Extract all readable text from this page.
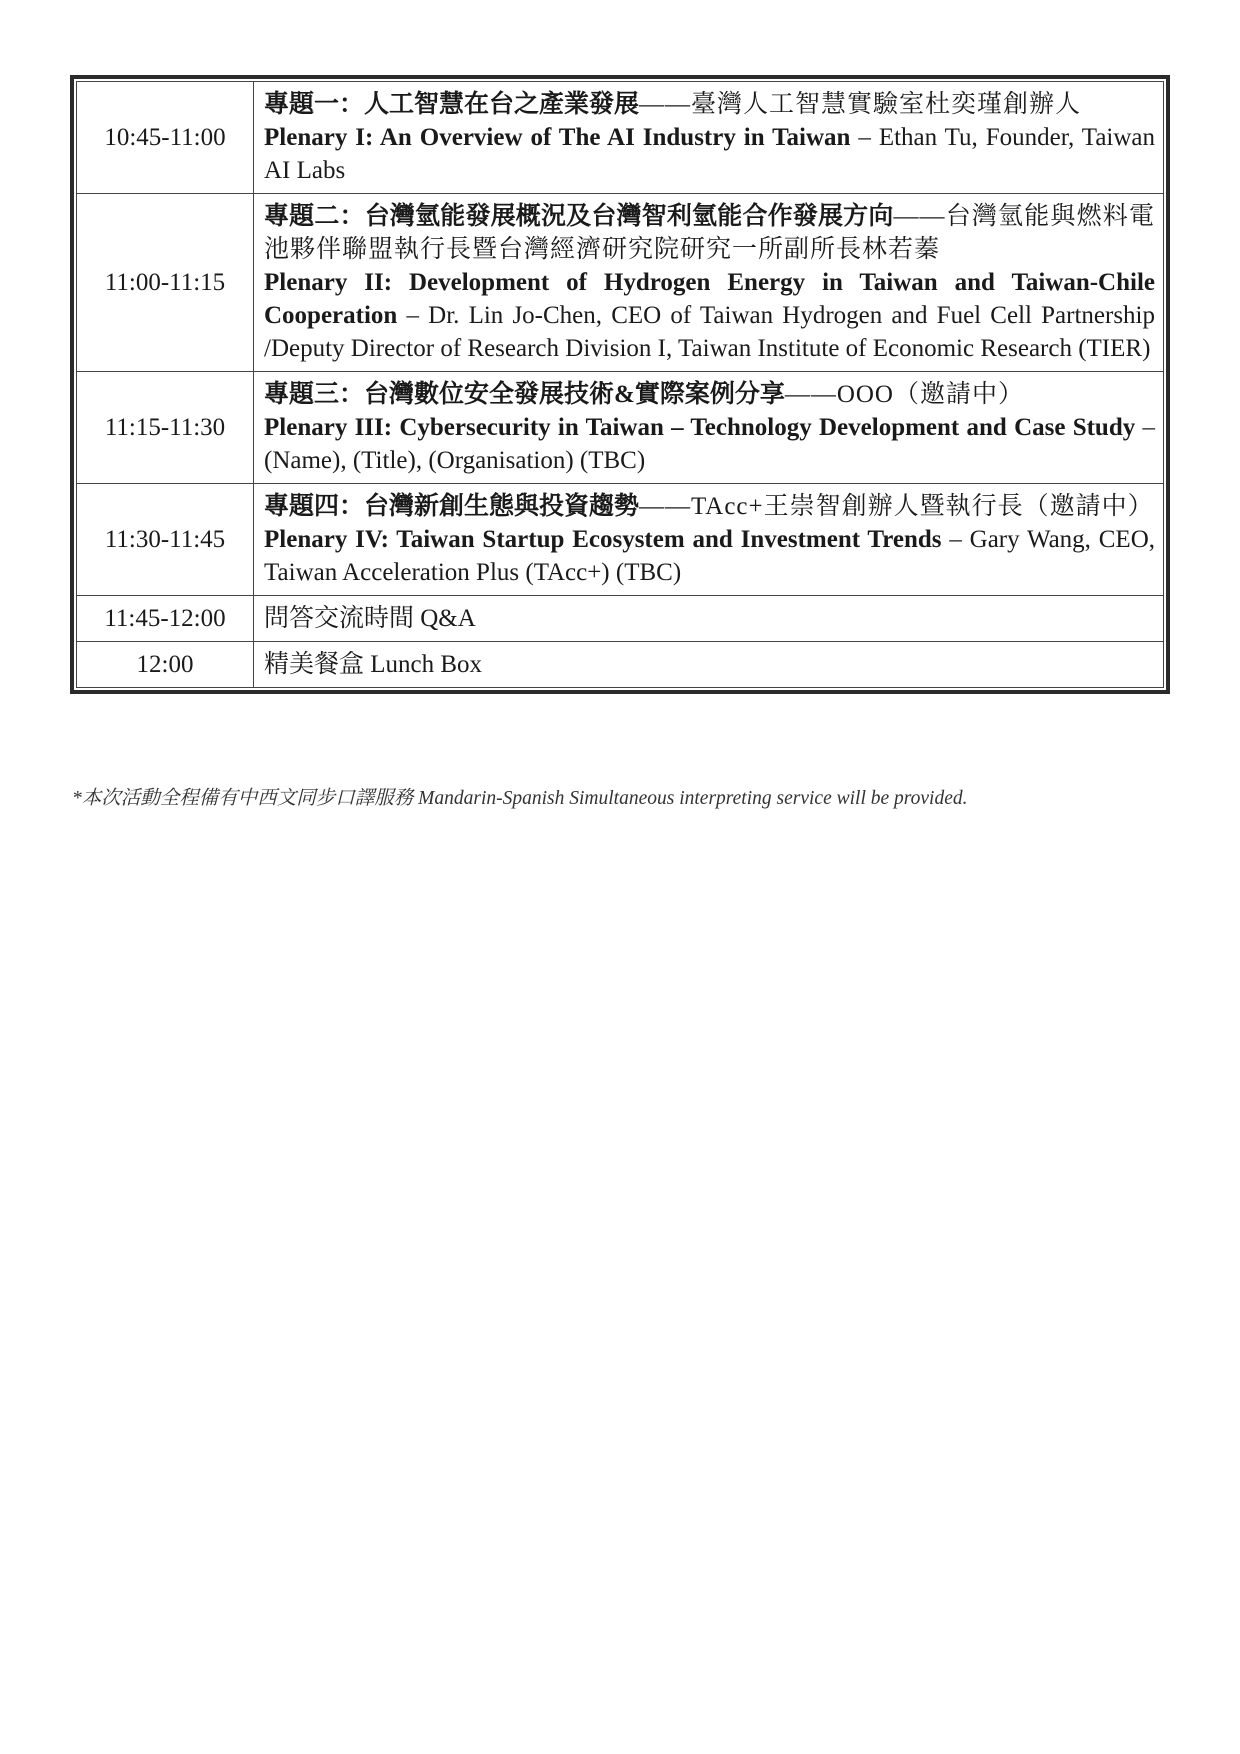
10:45-11:00	專題一：人工智慧在台之產業發展——臺灣人工智慧實驗室杜奕瑾創辦人
Plenary I: An Overview of The AI Industry in Taiwan – Ethan Tu, Founder, Taiwan AI Labs

11:00-11:15	專題二：台灣氫能發展概況及台灣智利氫能合作發展方向——台灣氫能與燃料電池夥伴聯盟執行長暨台灣經濟研究院研究一所副所長林若蓁
Plenary II: Development of Hydrogen Energy in Taiwan and Taiwan-Chile Cooperation – Dr. Lin Jo-Chen, CEO of Taiwan Hydrogen and Fuel Cell Partnership /Deputy Director of Research Division I, Taiwan Institute of Economic Research (TIER)

11:15-11:30	專題三：台灣數位安全發展技術&實際案例分享——OOO（邀請中）
Plenary III: Cybersecurity in Taiwan – Technology Development and Case Study – (Name), (Title), (Organisation) (TBC)

11:30-11:45	專題四：台灣新創生態與投資趨勢——TAcc+王崇智創辦人暨執行長（邀請中）
Plenary IV: Taiwan Startup Ecosystem and Investment Trends – Gary Wang, CEO, Taiwan Acceleration Plus (TAcc+) (TBC)

11:45-12:00	問答交流時間 Q&A
12:00	精美餐盒 Lunch Box
*本次活動全程備有中西文同步口譯服務 Mandarin-Spanish Simultaneous interpreting service will be provided.
